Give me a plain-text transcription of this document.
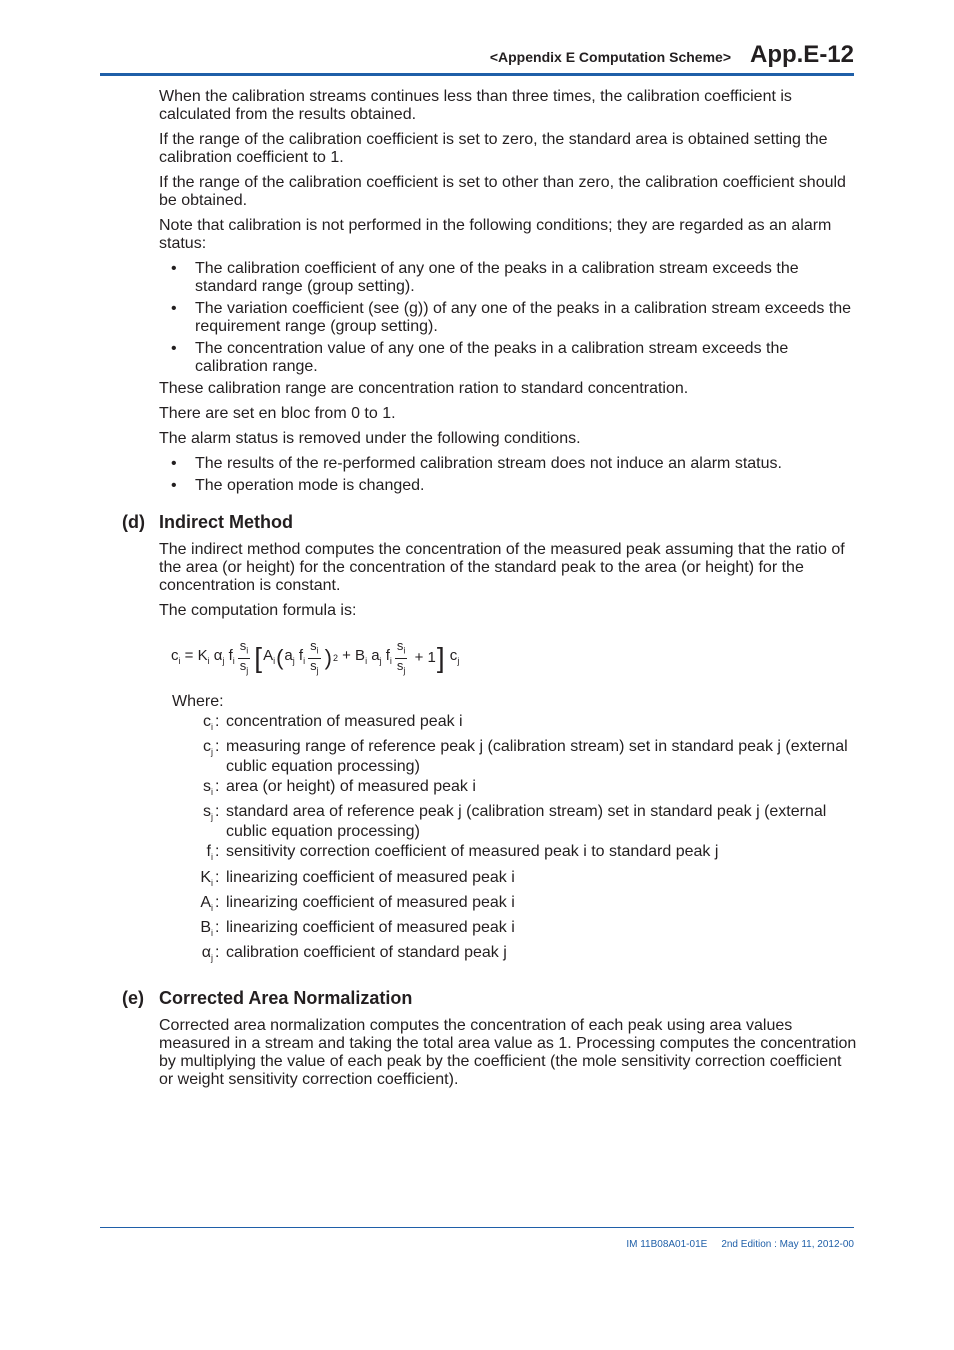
<Appendix E Computation Scheme> App.E-12

When the calibration streams continues less than three times, the calibration coefficient is calculated from the results obtained.

If the range of the calibration coefficient is set to zero, the standard area is obtained setting the calibration coefficient to 1.

If the range of the calibration coefficient is set to other than zero, the calibration coefficient should be obtained.

Note that calibration is not performed in the following conditions; they are regarded as an alarm status:

• The calibration coefficient of any one of the peaks in a calibration stream exceeds the standard range (group setting).
• The variation coefficient (see (g)) of any one of the peaks in a calibration stream exceeds the requirement range (group setting).
• The concentration value of any one of the peaks in a calibration stream exceeds the calibration range.

These calibration range are concentration ration to standard concentration.

There are set en bloc from 0 to 1.

The alarm status is removed under the following conditions.

• The results of the re-performed calibration stream does not induce an alarm status.
• The operation mode is changed.
(d) Indirect Method

The indirect method computes the concentration of the measured peak assuming that the ratio of the area (or height) for the concentration of the standard peak to the area (or height) for the concentration is constant.

The computation formula is:

$c_i = K_i$ $\alpha_j$ $f_i \frac{s_i}{s_j}$ [ $A_i$ ( $a_j$ $f_i \frac{s_i}{s_j}$ ) $2 + B_i$ $a_j$ $f_i \frac{s_i}{s_j} + 1$ ] $c_j$
Where:
$c_i$ : concentration of measured peak i
$c_j$ : measuring range of reference peak j (calibration stream) set in standard peak j (external cublic equation processing)
$s_i$ : area (or height) of measured peak i
$s_j$ : standard area of reference peak j (calibration stream) set in standard peak j (external cublic equation processing)
$f_i$ : sensitivity correction coefficient of measured peak i to standard peak j
$K_i$ : linearizing coefficient of measured peak i
$A_i$ : linearizing coefficient of measured peak i
$B_i$ : linearizing coefficient of measured peak i
$\alpha_j$ : calibration coefficient of standard peak j
(e) Corrected Area Normalization

Corrected area normalization computes the concentration of each peak using area values measured in a stream and taking the total area value as 1. Processing computes the concentration by multiplying the value of each peak by the coefficient (the mole sensitivity correction coefficient or weight sensitivity correction coefficient).

IM 11B08A01-01E 2nd Edition : May 11, 2012-00
